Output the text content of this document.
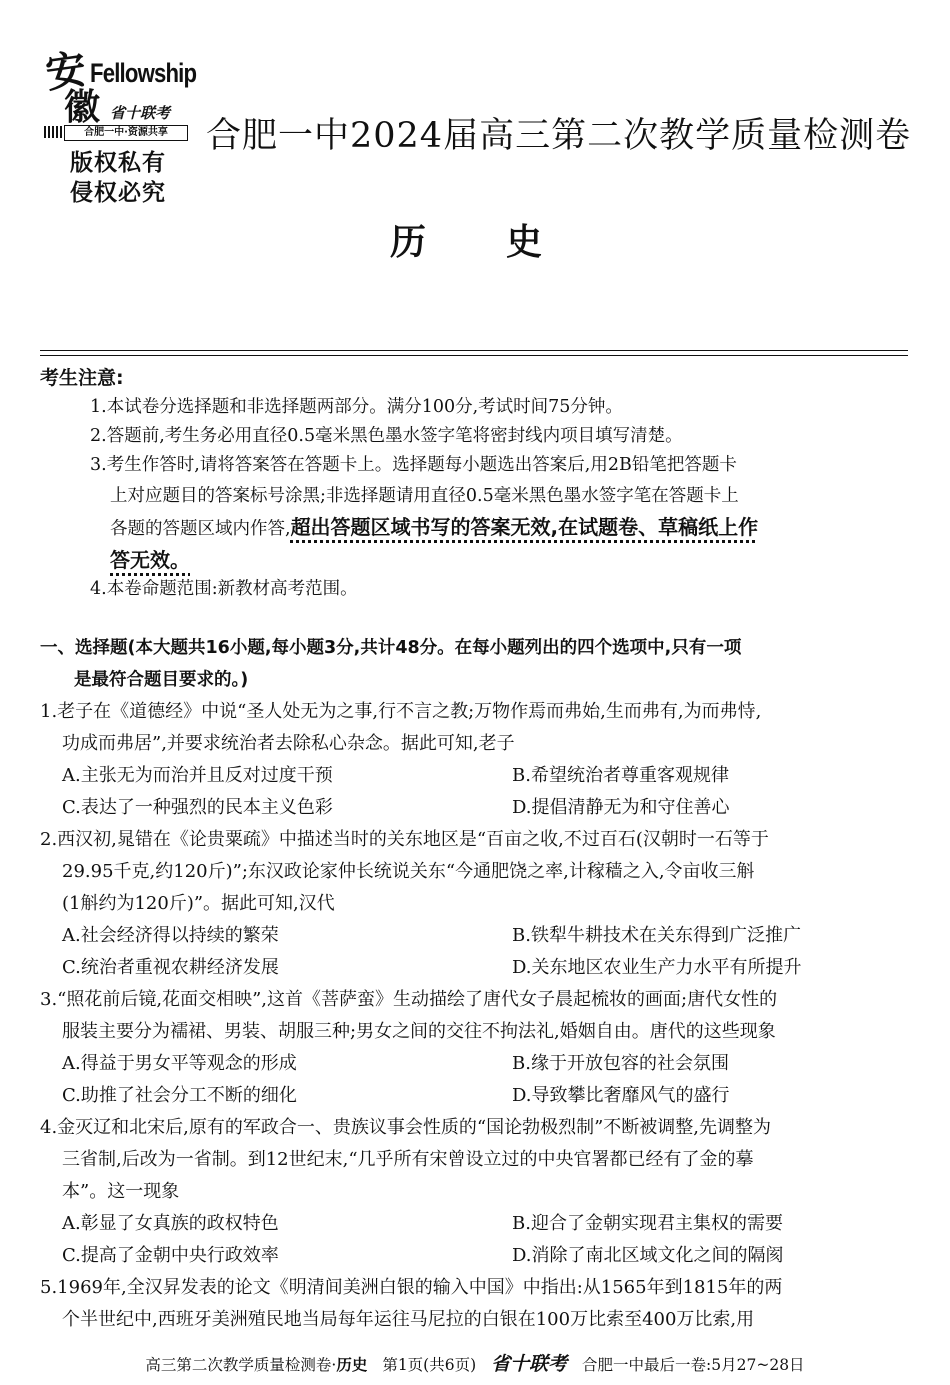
安
徽
Fellowship
省十联考
合肥一中·资源共享
版权私有
侵权必究
合肥一中2024届高三第二次教学质量检测卷
历史
考生注意:
1.本试卷分选择题和非选择题两部分。满分100分,考试时间75分钟。
2.答题前,考生务必用直径0.5毫米黑色墨水签字笔将密封线内项目填写清楚。
3.考生作答时,请将答案答在答题卡上。选择题每小题选出答案后,用2B铅笔把答题卡
上对应题目的答案标号涂黑;非选择题请用直径0.5毫米黑色墨水签字笔在答题卡上
各题的答题区域内作答,超出答题区域书写的答案无效,在试题卷、草稿纸上作
答无效。
4.本卷命题范围:新教材高考范围。
一、选择题(本大题共16小题,每小题3分,共计48分。在每小题列出的四个选项中,只有一项
是最符合题目要求的。)
1.老子在《道德经》中说“圣人处无为之事,行不言之教;万物作焉而弗始,生而弗有,为而弗恃,
功成而弗居”,并要求统治者去除私心杂念。据此可知,老子
A.主张无为而治并且反对过度干预	B.希望统治者尊重客观规律
C.表达了一种强烈的民本主义色彩	D.提倡清静无为和守住善心
2.西汉初,晁错在《论贵粟疏》中描述当时的关东地区是“百亩之收,不过百石(汉朝时一石等于
29.95千克,约120斤)”;东汉政论家仲长统说关东“今通肥饶之率,计稼穑之入,令亩收三斛
(1斛约为120斤)”。据此可知,汉代
A.社会经济得以持续的繁荣	B.铁犁牛耕技术在关东得到广泛推广
C.统治者重视农耕经济发展	D.关东地区农业生产力水平有所提升
3.“照花前后镜,花面交相映”,这首《菩萨蛮》生动描绘了唐代女子晨起梳妆的画面;唐代女性的
服装主要分为襦裙、男装、胡服三种;男女之间的交往不拘法礼,婚姻自由。唐代的这些现象
A.得益于男女平等观念的形成	B.缘于开放包容的社会氛围
C.助推了社会分工不断的细化	D.导致攀比奢靡风气的盛行
4.金灭辽和北宋后,原有的军政合一、贵族议事会性质的“国论勃极烈制”不断被调整,先调整为
三省制,后改为一省制。到12世纪末,“几乎所有宋曾设立过的中央官署都已经有了金的摹
本”。这一现象
A.彰显了女真族的政权特色	B.迎合了金朝实现君主集权的需要
C.提高了金朝中央行政效率	D.消除了南北区域文化之间的隔阂
5.1969年,全汉昇发表的论文《明清间美洲白银的输入中国》中指出:从1565年到1815年的两
个半世纪中,西班牙美洲殖民地当局每年运往马尼拉的白银在100万比索至400万比索,用
高三第二次教学质量检测卷·历史 第1页(共6页) 省十联考 合肥一中最后一卷:5月27~28日
